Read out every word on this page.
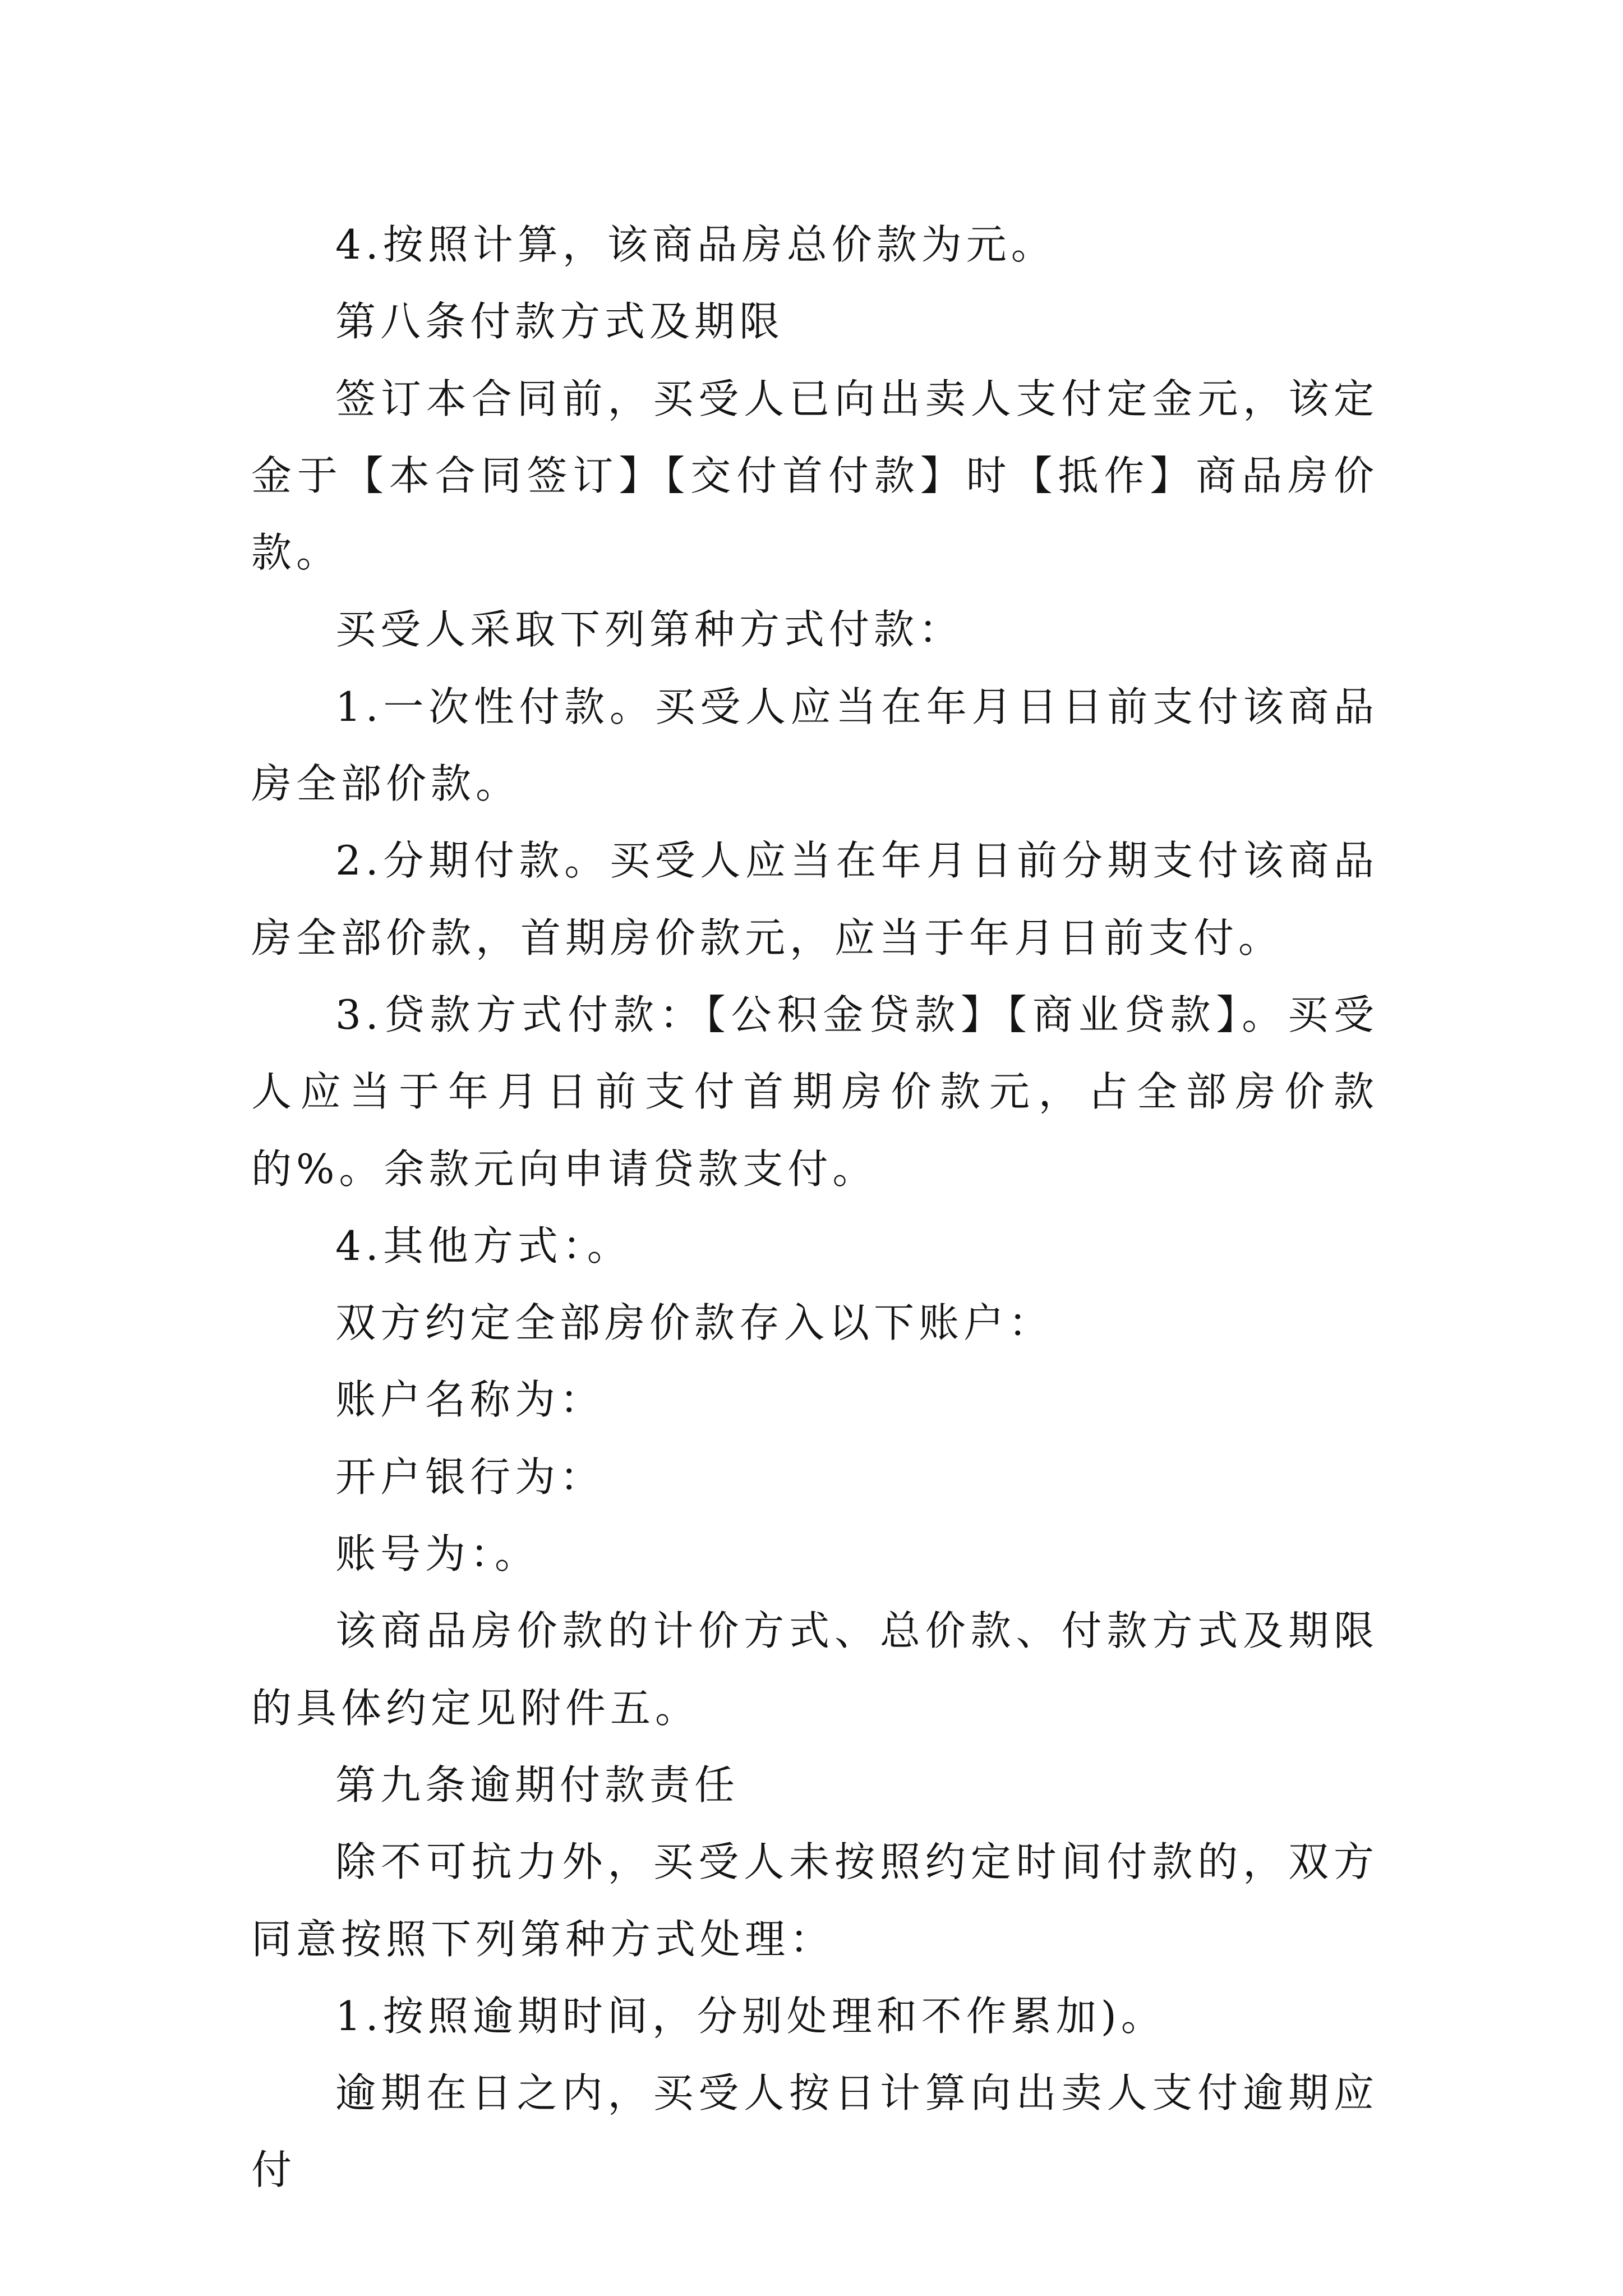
4.按照计算，该商品房总价款为元。

第八条付款方式及期限

签订本合同前，买受人已向出卖人支付定金元，该定金于【本合同签订】【交付首付款】时【抵作】商品房价款。

买受人采取下列第种方式付款：

1.一次性付款。买受人应当在年月日日前支付该商品房全部价款。

2.分期付款。买受人应当在年月日前分期支付该商品房全部价款，首期房价款元，应当于年月日前支付。

3.贷款方式付款：【公积金贷款】【商业贷款】。买受人应当于年月日前支付首期房价款元，占全部房价款的%。余款元向申请贷款支付。

4.其他方式：。

双方约定全部房价款存入以下账户：

账户名称为：

开户银行为：

账号为：。

该商品房价款的计价方式、总价款、付款方式及期限的具体约定见附件五。

第九条逾期付款责任

除不可抗力外，买受人未按照约定时间付款的，双方同意按照下列第种方式处理：

1.按照逾期时间，分别处理和不作累加)。

逾期在日之内，买受人按日计算向出卖人支付逾期应付
